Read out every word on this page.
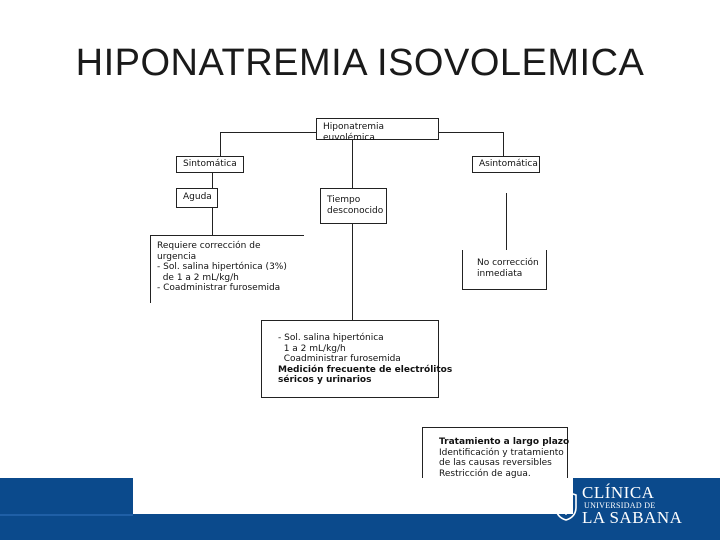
HIPONATREMIA ISOVOLEMICA
Hiponatremia euvolémica
Sintomática	Asintomática
Aguda	Tiempo
desconocido
Requiere corrección de
urgencia
- Sol. salina hipertónica (3%)
de 1 a 2 mL/kg/h
- Coadministrar furosemida
No corrección
inmediata
- Sol. salina hipertónica
1 a 2 mL/kg/h
Coadministrar furosemida
Medición frecuente de electrólitos
séricos y urinarios
Tratamiento a largo plazo
Identificación y tratamiento
de las causas reversibles
Restricción de agua.
CLÍNICA
UNIVERSIDAD DE
LA SABANA
